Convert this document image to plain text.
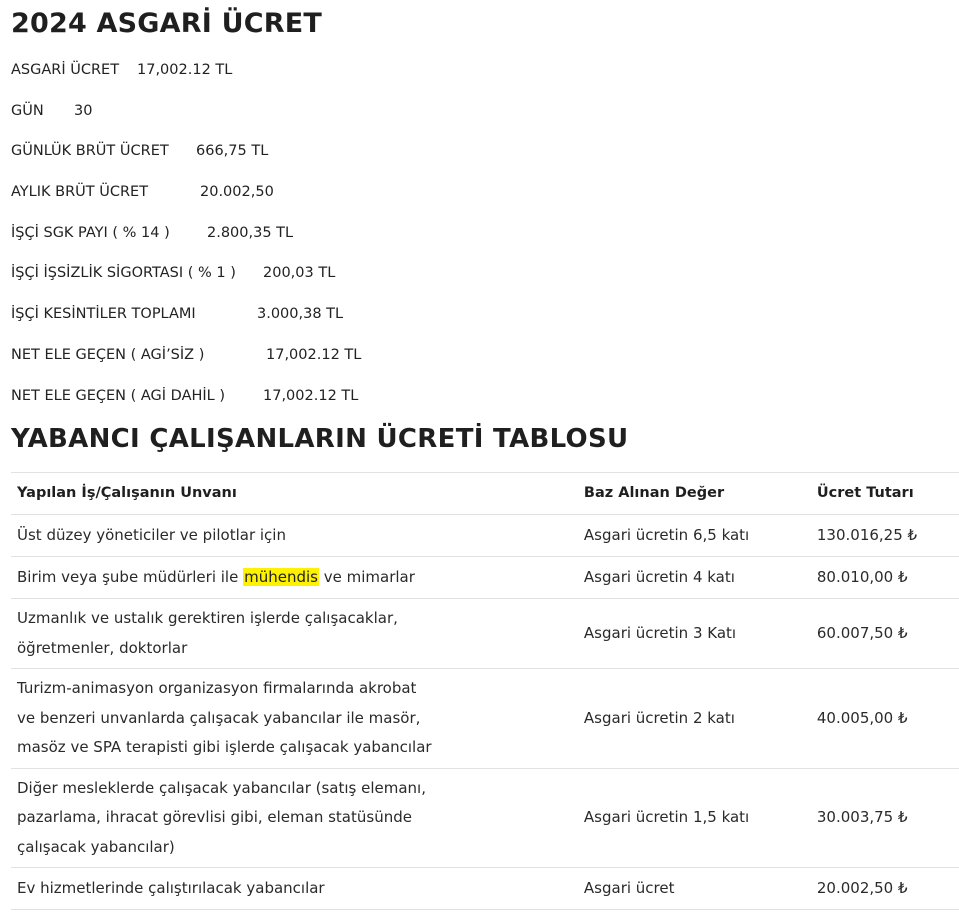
2024 ASGARİ ÜCRET
ASGARİ ÜCRET 17,002.12 TL
GÜN 30
GÜNLÜK BRÜT ÜCRET 666,75 TL
AYLIK BRÜT ÜCRET	20.002,50
İŞÇİ SGK PAYI ( % 14 )	2.800,35 TL
İŞÇİ İŞSİZLİK SİGORTASI ( % 1 ) 200,03 TL
İŞÇİ KESİNTİLER TOPLAMI	3.000,38 TL
NET ELE GEÇEN ( AGİ’SİZ )	17,002.12 TL
NET ELE GEÇEN ( AGİ DAHİL )	17,002.12 TL
YABANCI ÇALIŞANLARIN ÜCRETİ TABLOSU
Yapılan İş/Çalışanın Unvanı	Baz Alınan Değer	Ücret Tutarı
Üst düzey yöneticiler ve pilotlar için	Asgari ücretin 6,5 katı	130.016,25 ₺
Birim veya şube müdürleri ile mühendis ve mimarlar	Asgari ücretin 4 katı	80.010,00 ₺
Uzmanlık ve ustalık gerektiren işlerde çalışacaklar,
öğretmenler, doktorlar	Asgari ücretin 3 Katı	60.007,50 ₺
Turizm-animasyon organizasyon firmalarında akrobat
ve benzeri unvanlarda çalışacak yabancılar ile masör,
masöz ve SPA terapisti gibi işlerde çalışacak yabancılar	Asgari ücretin 2 katı	40.005,00 ₺
Diğer mesleklerde çalışacak yabancılar (satış elemanı,
pazarlama, ihracat görevlisi gibi, eleman statüsünde
çalışacak yabancılar)	Asgari ücretin 1,5 katı	30.003,75 ₺
Ev hizmetlerinde çalıştırılacak yabancılar	Asgari ücret	20.002,50 ₺
